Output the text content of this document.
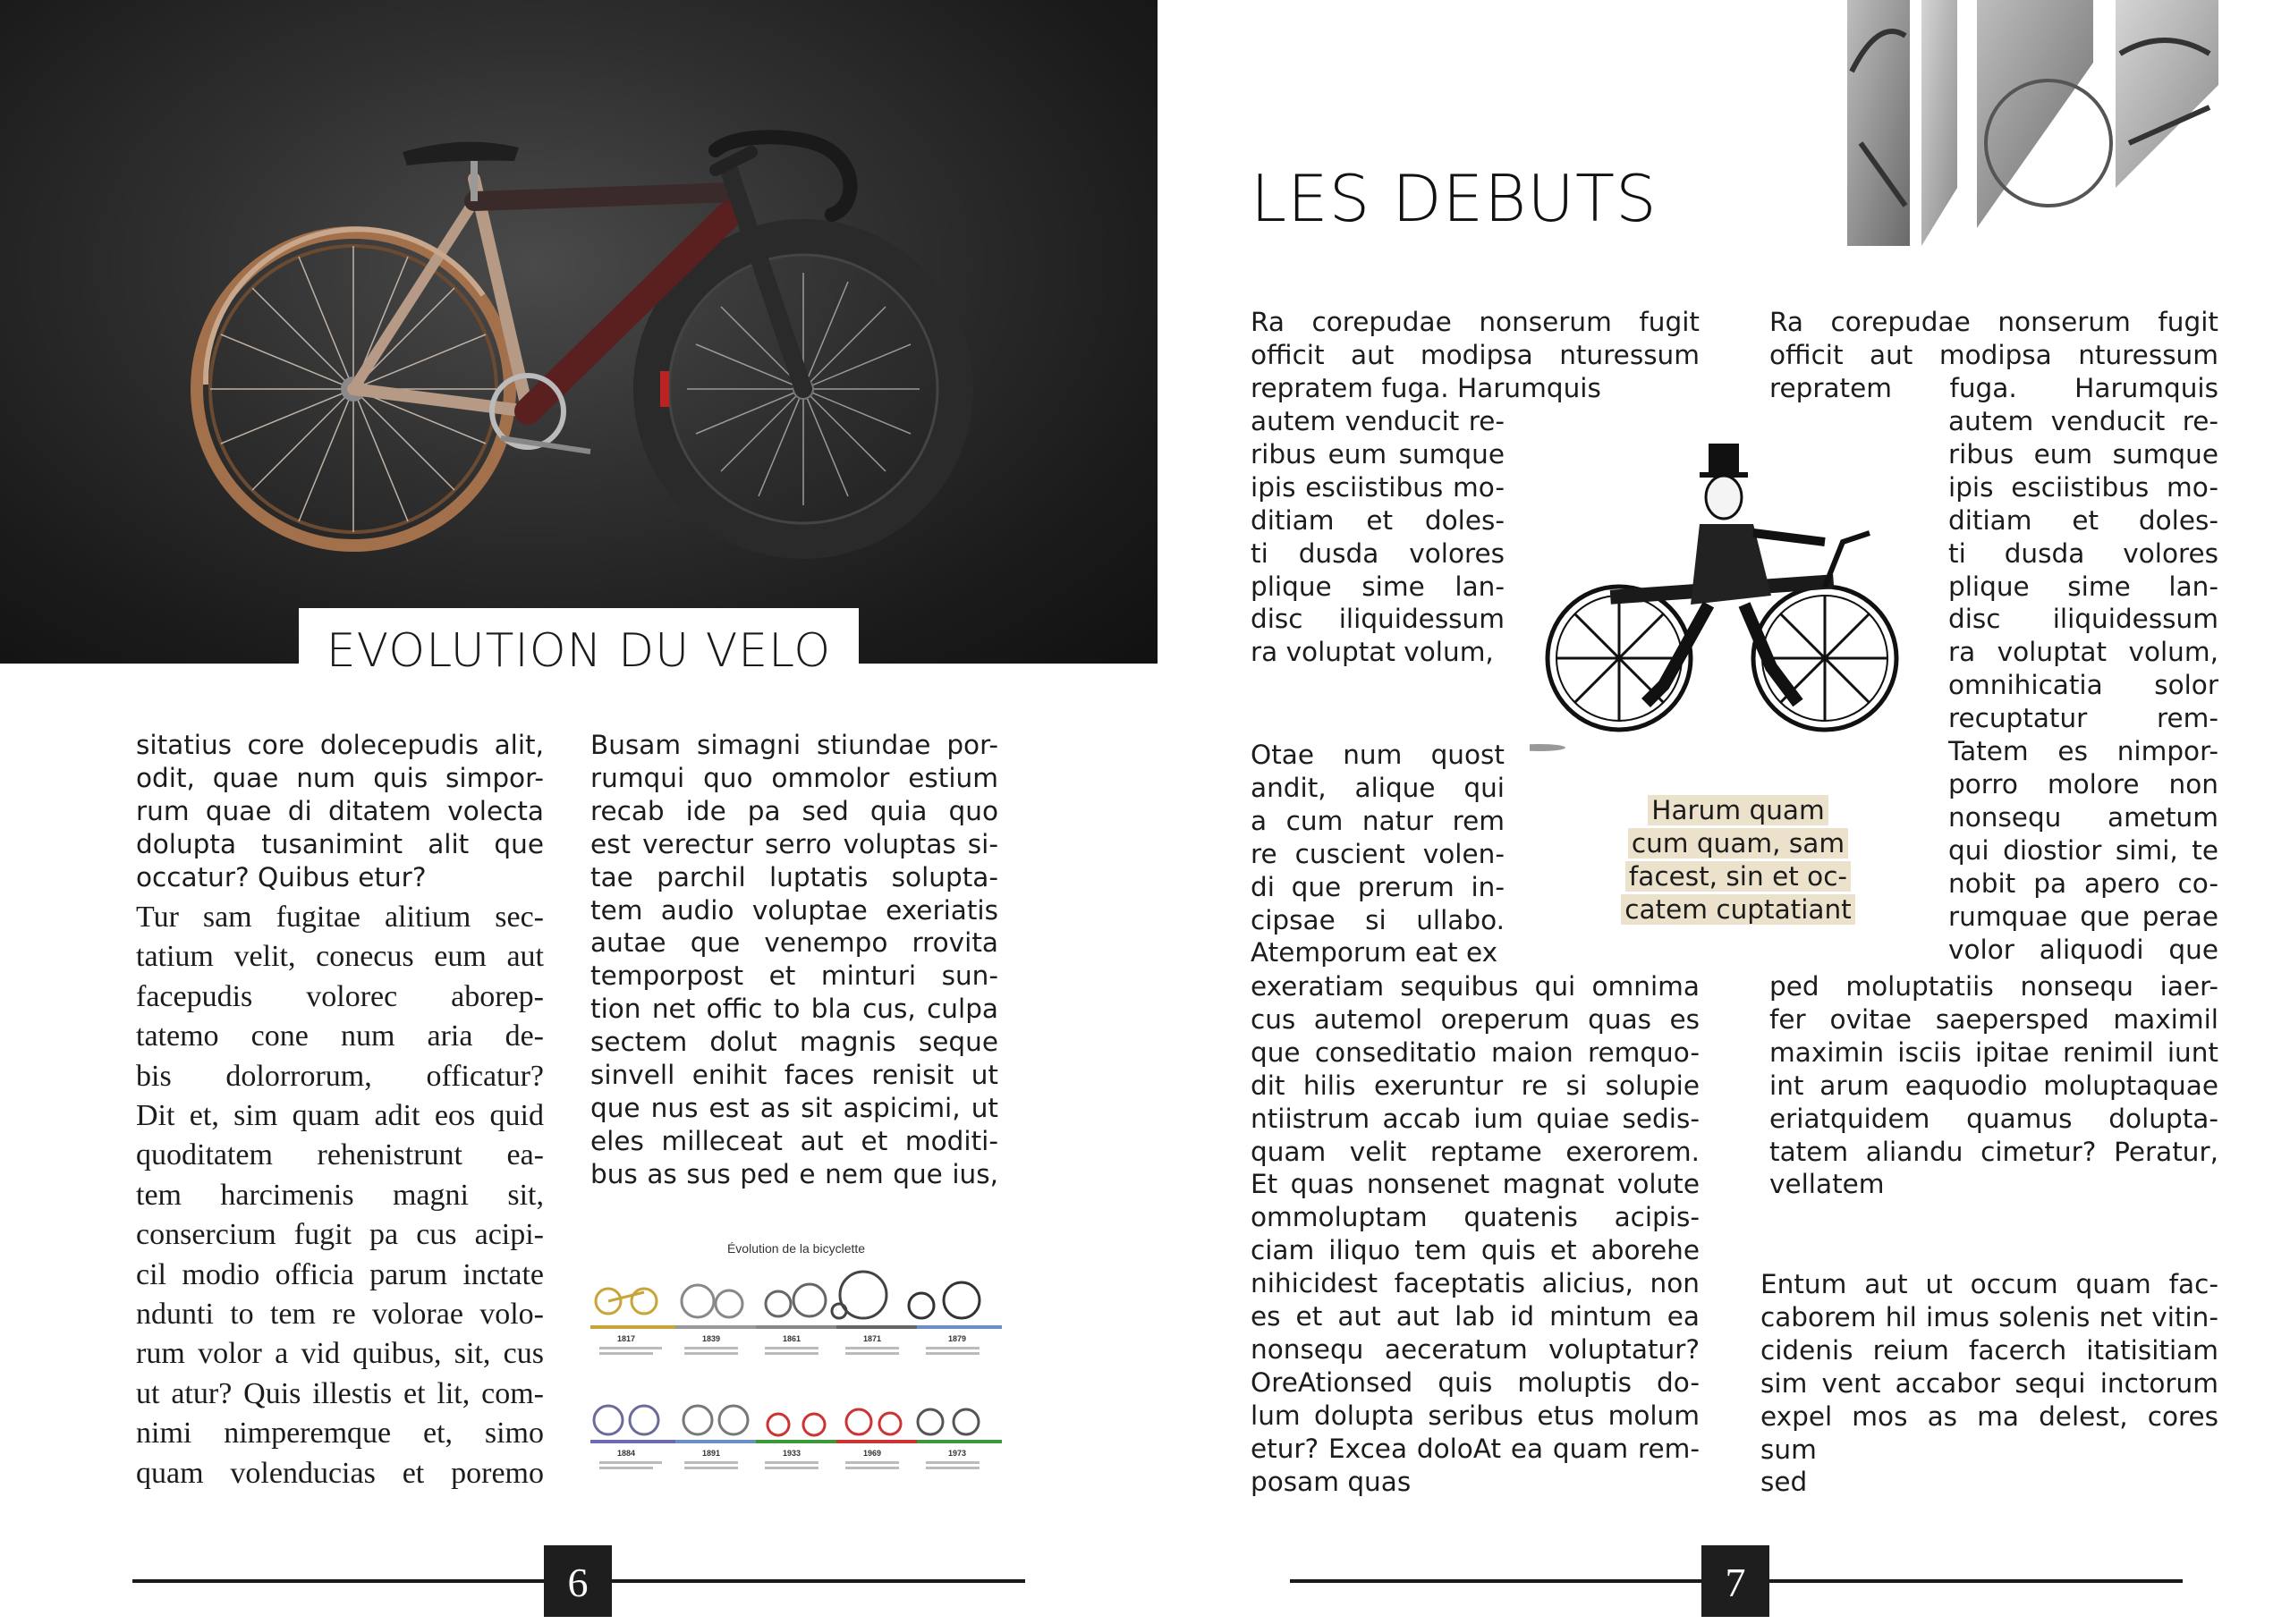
EVOLUTION DU VELO
sitatius core dolecepudis alit,
odit, quae num quis simpor-
rum quae di ditatem volecta
dolupta tusanimint alit que
occatur? Quibus etur?
Tur sam fugitae alitium sec-
tatium velit, conecus eum aut
facepudis volorec aborep-
tatemo cone num aria de-
bis dolorrorum, officatur?
Dit et, sim quam adit eos quid
quoditatem rehenistrunt ea-
tem harcimenis magni sit,
consercium fugit pa cus acipi-
cil modio officia parum inctate
ndunti to tem re volorae volo-
rum volor a vid quibus, sit, cus
ut atur? Quis illestis et lit, com-
nimi nimperemque et, simo
quam volenducias et poremo
Busam simagni stiundae por-
rumqui quo ommolor estium
recab ide pa sed quia quo
est verectur serro voluptas si-
tae parchil luptatis soluptа-
tem audio voluptae exeriatis
autae que venempo rrovita
temporpost et minturi sun-
tion net offic to bla cus, culpa
sectem dolut magnis seque
sinvell enihit faces renisit ut
que nus est as sit aspicimi, ut
eles milleceat aut et moditi-
bus as sus ped e nem que ius,
Évolution de la bicyclette
1817	1839	1861	1871	1879
1884	1891	1933	1969	1973
6
LES DEBUTS
Ra corepudae nonserum fugit
officit aut modipsa nturessum
repratem fuga. Harumquis
autem venducit re-
ribus eum sumque
ipis esciistibus mo-
ditiam et doles-
ti dusda volores
plique sime lan-
disc iliquidessum
ra voluptat volum,
Otae num quost
andit, alique qui
a cum natur rem
re cuscient volen-
di que prerum in-
cipsae si ullabo.
Atemporum eat ex
exeratiam sequibus qui omnima
cus autemol oreperum quas es
que conseditatio maion remquo-
dit hilis exeruntur re si solupie
ntiistrum accab ium quiae sedis-
quam velit reptame exerorem.
Et quas nonsenet magnat volute
ommoluptam quatenis acipis-
ciam iliquo tem quis et aborehe
nihicidest faceptatis alicius, non
es et aut aut lab id mintum ea
nonsequ aeceratum voluptatur?
OreAtionsed quis moluptis do-
lum dolupta seribus etus molum
etur? Excea doloAt ea quam rem-
posam quas
Harum quam
cum quam, sam
facest, sin et oc-
catem cuptatiant
Ra corepudae nonserum fugit
officit aut modipsa nturessum
repratem fuga. Harumquis
autem venducit re-
ribus eum sumque
ipis esciistibus mo-
ditiam et doles-
ti dusda volores
plique sime lan-
disc iliquidessum
ra voluptat volum,
omnihicatia solor
recuptatur rem-
Tatem es nimpor-
porro molore non
nonsequ ametum
qui diostior simi, te
nobit pa apero co-
rumquae que perae
volor aliquodi que
ped moluptatiis nonsequ iaer-
fer ovitae saepersped maximil
maximin isciis ipitae renimil iunt
int arum eaquodio moluptaquae
eriatquidem quamus dolupta-
tatem aliandu cimetur? Peratur,
vellatem
Entum aut ut occum quam fac-
caborem hil imus solenis net vitin-
cidenis reium facerch itatisitiam
sim vent accabor sequi inctorum
expel mos as ma delest, cores sum
sed
7
